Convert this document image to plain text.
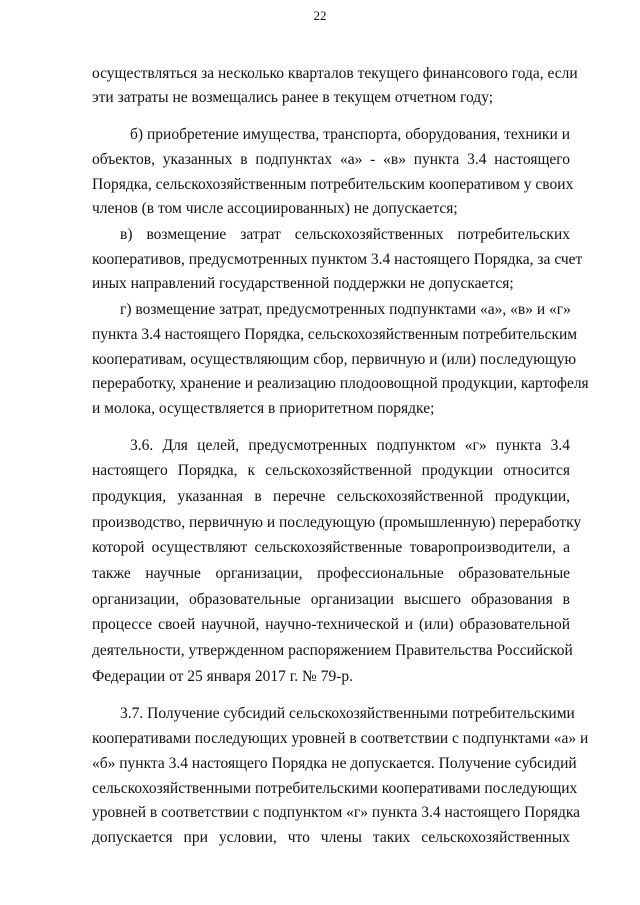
22
осуществляться за несколько кварталов текущего финансового года, если
эти затраты не возмещались ранее в текущем отчетном году;
б) приобретение имущества, транспорта, оборудования, техники и
объектов, указанных в подпунктах «а» - «в» пункта 3.4 настоящего
Порядка, сельскохозяйственным потребительским кооперативом у своих
членов (в том числе ассоциированных) не допускается;
в) возмещение затрат сельскохозяйственных потребительских
кооперативов, предусмотренных пунктом 3.4 настоящего Порядка, за счет
иных направлений государственной поддержки не допускается;
г) возмещение затрат, предусмотренных подпунктами «а», «в» и «г»
пункта 3.4 настоящего Порядка, сельскохозяйственным потребительским
кооперативам, осуществляющим сбор, первичную и (или) последующую
переработку, хранение и реализацию плодоовощной продукции, картофеля
и молока, осуществляется в приоритетном порядке;
3.6. Для целей, предусмотренных подпунктом «г» пункта 3.4
настоящего Порядка, к сельскохозяйственной продукции относится
продукция, указанная в перечне сельскохозяйственной продукции,
производство, первичную и последующую (промышленную) переработку
которой осуществляют сельскохозяйственные товаропроизводители, а
также научные организации, профессиональные образовательные
организации, образовательные организации высшего образования в
процессе своей научной, научно-технической и (или) образовательной
деятельности, утвержденном распоряжением Правительства Российской
Федерации от 25 января 2017 г. № 79-р.
3.7. Получение субсидий сельскохозяйственными потребительскими
кооперативами последующих уровней в соответствии с подпунктами «а» и
«б» пункта 3.4 настоящего Порядка не допускается. Получение субсидий
сельскохозяйственными потребительскими кооперативами последующих
уровней в соответствии с подпунктом «г» пункта 3.4 настоящего Порядка
допускается при условии, что члены таких сельскохозяйственных
